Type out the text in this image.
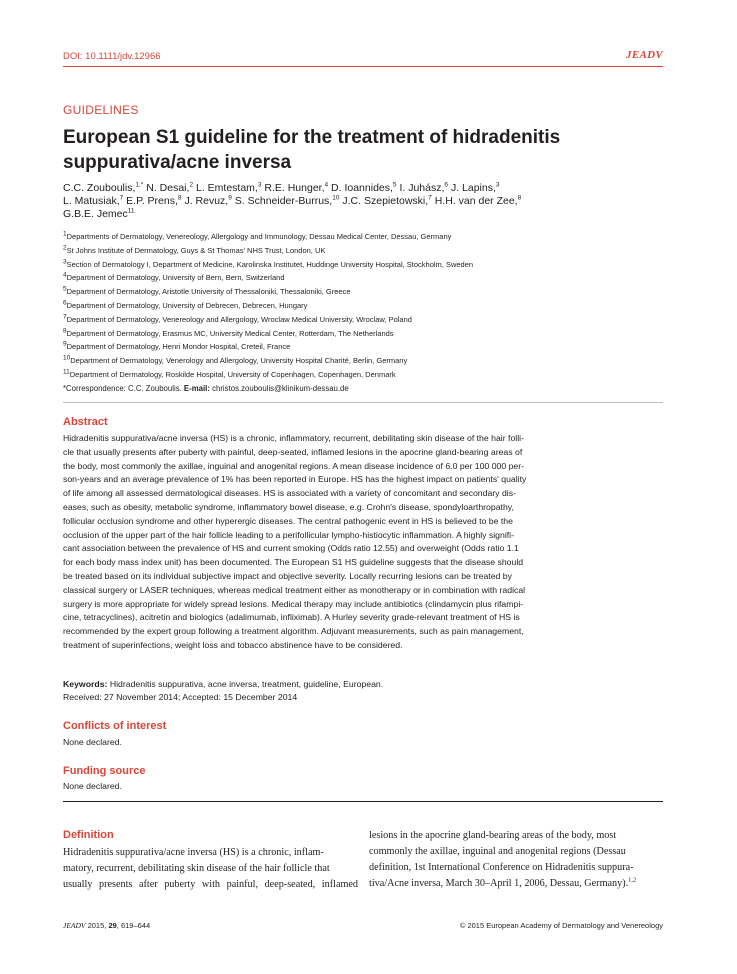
DOI: 10.1111/jdv.12966	JEADV
GUIDELINES
European S1 guideline for the treatment of hidradenitis
suppurativa/acne inversa
C.C. Zouboulis,$^{1,*}$ N. Desai,$^2$ L. Emtestam,$^3$ R.E. Hunger,$^4$ D. Ioannides,$^5$ I. Juhász,$^6$ J. Lapins,$^3$
L. Matusiak,$^7$ E.P. Prens,$^8$ J. Revuz,$^9$ S. Schneider-Burrus,$^{10}$ J.C. Szepietowski,$^7$ H.H. van der Zee,$^8$
G.B.E. Jemec$^{11}$
$^1$Departments of Dermatology, Venereology, Allergology and Immunology, Dessau Medical Center, Dessau, Germany
$^2$St Johns Institute of Dermatology, Guys & St Thomas' NHS Trust, London, UK
$^3$Section of Dermatology I, Department of Medicine, Karolinska Institutet, Huddinge University Hospital, Stockholm, Sweden
$^4$Department of Dermatology, University of Bern, Bern, Switzerland
$^5$Department of Dermatology, Aristotle University of Thessaloniki, Thessaloniki, Greece
$^6$Department of Dermatology, University of Debrecen, Debrecen, Hungary
$^7$Department of Dermatology, Venereology and Allergology, Wroclaw Medical University, Wroclaw, Poland
$^8$Department of Dermatology, Erasmus MC, University Medical Center, Rotterdam, The Netherlands
$^9$Department of Dermatology, Henri Mondor Hospital, Creteil, France
$^{10}$Department of Dermatology, Venerology and Allergology, University Hospital Charité, Berlin, Germany
$^{11}$Department of Dermatology, Roskilde Hospital, University of Copenhagen, Copenhagen, Denmark
*Correspondence: C.C. Zouboulis. E-mail: christos.zouboulis@klinikum-dessau.de
Abstract
Hidradenitis suppurativa/acne inversa (HS) is a chronic, inflammatory, recurrent, debilitating skin disease of the hair folli-
cle that usually presents after puberty with painful, deep-seated, inflamed lesions in the apocrine gland-bearing areas of
the body, most commonly the axillae, inguinal and anogenital regions. A mean disease incidence of 6.0 per 100 000 per-
son-years and an average prevalence of 1% has been reported in Europe. HS has the highest impact on patients' quality
of life among all assessed dermatological diseases. HS is associated with a variety of concomitant and secondary dis-
eases, such as obesity, metabolic syndrome, inflammatory bowel disease, e.g. Crohn's disease, spondyloarthropathy,
follicular occlusion syndrome and other hyperergic diseases. The central pathogenic event in HS is believed to be the
occlusion of the upper part of the hair follicle leading to a perifollicular lympho-histiocytic inflammation. A highly signifi-
cant association between the prevalence of HS and current smoking (Odds ratio 12.55) and overweight (Odds ratio 1.1
for each body mass index unit) has been documented. The European S1 HS guideline suggests that the disease should
be treated based on its individual subjective impact and objective severity. Locally recurring lesions can be treated by
classical surgery or LASER techniques, whereas medical treatment either as monotherapy or in combination with radical
surgery is more appropriate for widely spread lesions. Medical therapy may include antibiotics (clindamycin plus rifampi-
cine, tetracyclines), acitretin and biologics (adalimumab, infliximab). A Hurley severity grade-relevant treatment of HS is
recommended by the expert group following a treatment algorithm. Adjuvant measurements, such as pain management,
treatment of superinfections, weight loss and tobacco abstinence have to be considered.
Keywords: Hidradenitis suppurativa, acne inversa, treatment, guideline, European.
Received: 27 November 2014; Accepted: 15 December 2014
Conflicts of interest
None declared.
Funding source
None declared.
Definition
Hidradenitis suppurativa/acne inversa (HS) is a chronic, inflam-
matory, recurrent, debilitating skin disease of the hair follicle that
usually presents after puberty with painful, deep-seated, inflamed
lesions in the apocrine gland-bearing areas of the body, most
commonly the axillae, inguinal and anogenital regions (Dessau
definition, 1st International Conference on Hidradenitis suppura-
tiva/Acne inversa, March 30–April 1, 2006, Dessau, Germany).$^{1,2}$
JEADV 2015, 29, 619–644	© 2015 European Academy of Dermatology and Venereology
